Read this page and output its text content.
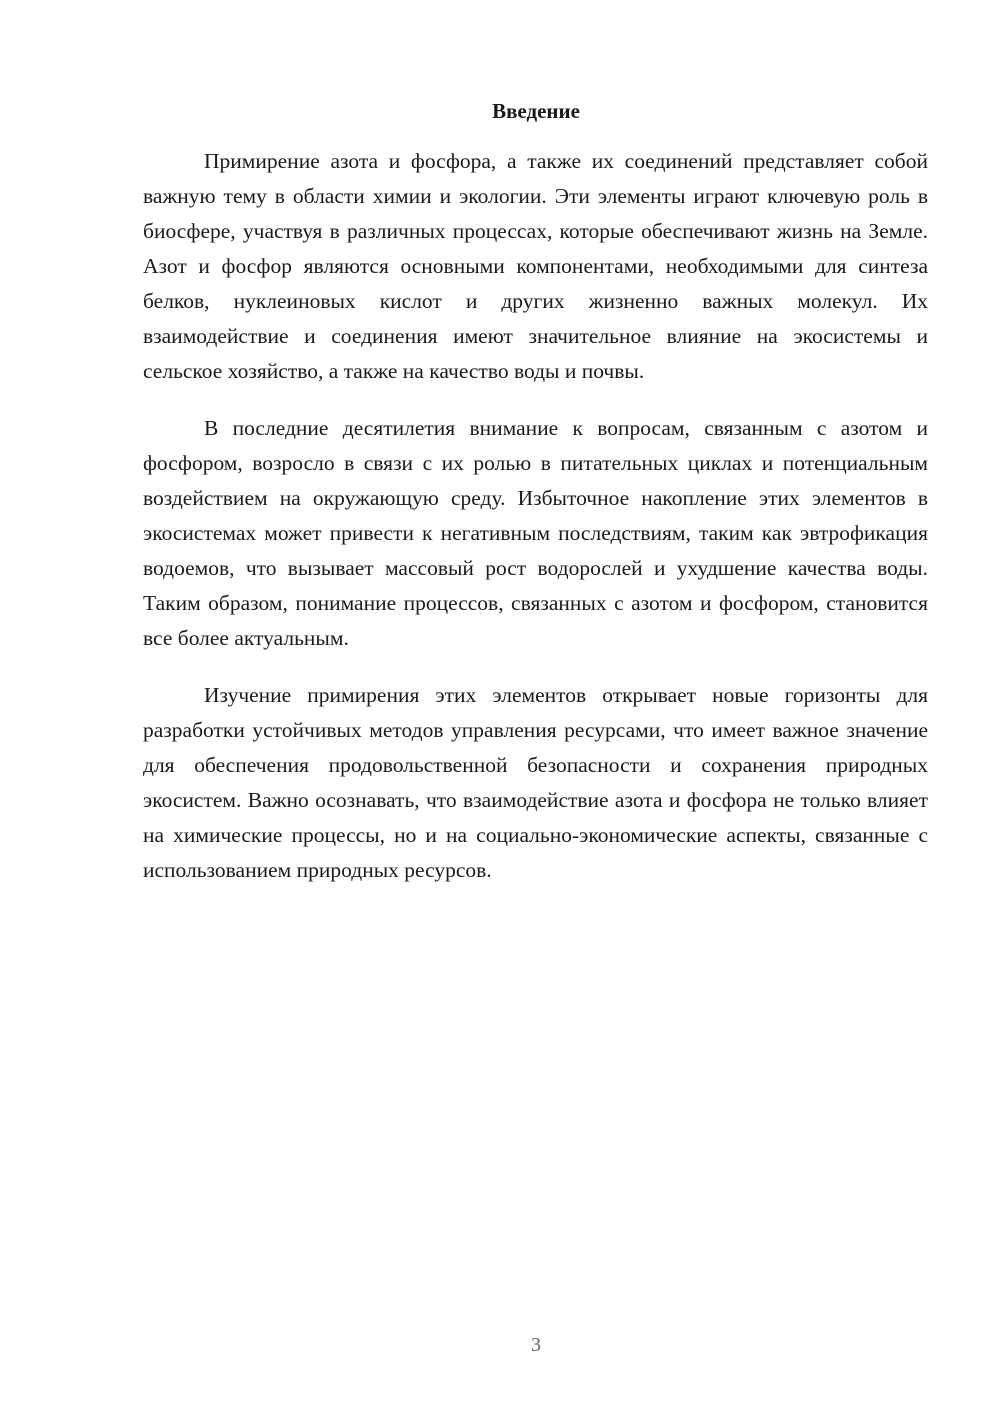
Введение

Примирение азота и фосфора, а также их соединений представляет собой важную тему в области химии и экологии. Эти элементы играют ключевую роль в биосфере, участвуя в различных процессах, которые обеспечивают жизнь на Земле. Азот и фосфор являются основными компонентами, необходимыми для синтеза белков, нуклеиновых кислот и других жизненно важных молекул. Их взаимодействие и соединения имеют значительное влияние на экосистемы и сельское хозяйство, а также на качество воды и почвы.

В последние десятилетия внимание к вопросам, связанным с азотом и фосфором, возросло в связи с их ролью в питательных циклах и потенциальным воздействием на окружающую среду. Избыточное накопление этих элементов в экосистемах может привести к негативным последствиям, таким как эвтрофикация водоемов, что вызывает массовый рост водорослей и ухудшение качества воды. Таким образом, понимание процессов, связанных с азотом и фосфором, становится все более актуальным.

Изучение примирения этих элементов открывает новые горизонты для разработки устойчивых методов управления ресурсами, что имеет важное значение для обеспечения продовольственной безопасности и сохранения природных экосистем. Важно осознавать, что взаимодействие азота и фосфора не только влияет на химические процессы, но и на социально-экономические аспекты, связанные с использованием природных ресурсов.

3
